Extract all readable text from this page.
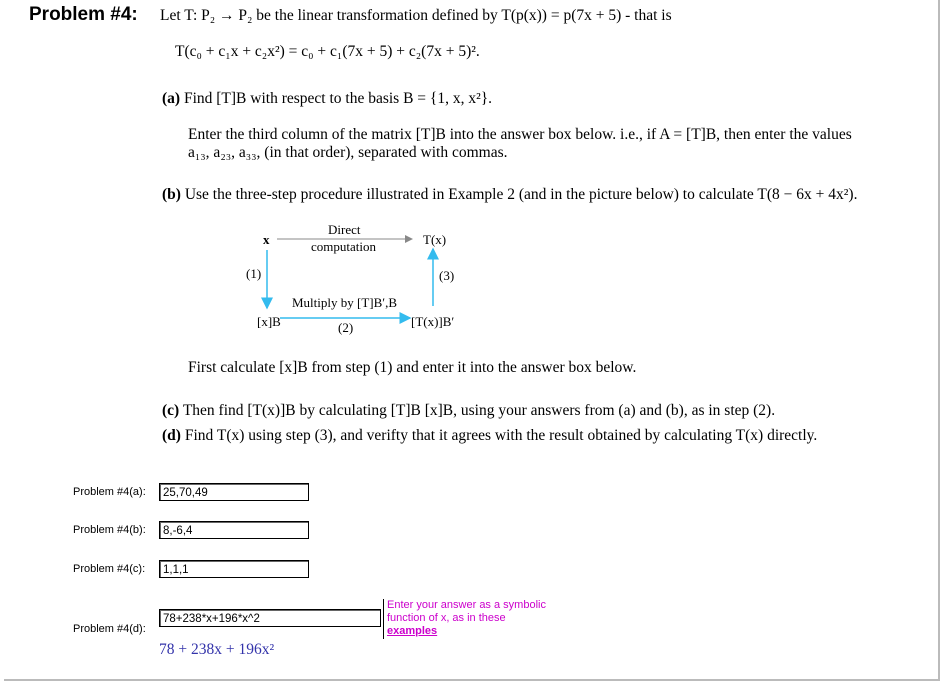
Problem #4: Let T: P₂ → P₂ be the linear transformation defined by T(p(x)) = p(7x + 5) - that is
T(c₀ + c₁x + c₂x²) = c₀ + c₁(7x + 5) + c₂(7x + 5)².
(a) Find [T]B with respect to the basis B = {1, x, x²}.
Enter the third column of the matrix [T]B into the answer box below. i.e., if A = [T]B, then enter the values
a₁₃, a₂₃, a₃₃, (in that order), separated with commas.
(b) Use the three-step procedure illustrated in Example 2 (and in the picture below) to calculate T(8 − 6x + 4x²).
x	T(x)
Direct
computation
(1)	(3)
Multiply by [T]B′,B
[x]B	[T(x)]B′
(2)
First calculate [x]B from step (1) and enter it into the answer box below.
(c) Then find [T(x)]B by calculating [T]B [x]B, using your answers from (a) and (b), as in step (2).
(d) Find T(x) using step (3), and verifty that it agrees with the result obtained by calculating T(x) directly.
Problem #4(a):
25,70,49
Problem #4(b):
8,-6,4
Problem #4(c):
1,1,1
Problem #4(d):
78+238*x+196*x^2
Enter your answer as a symbolic
function of x, as in these
examples
78 + 238x + 196x²
